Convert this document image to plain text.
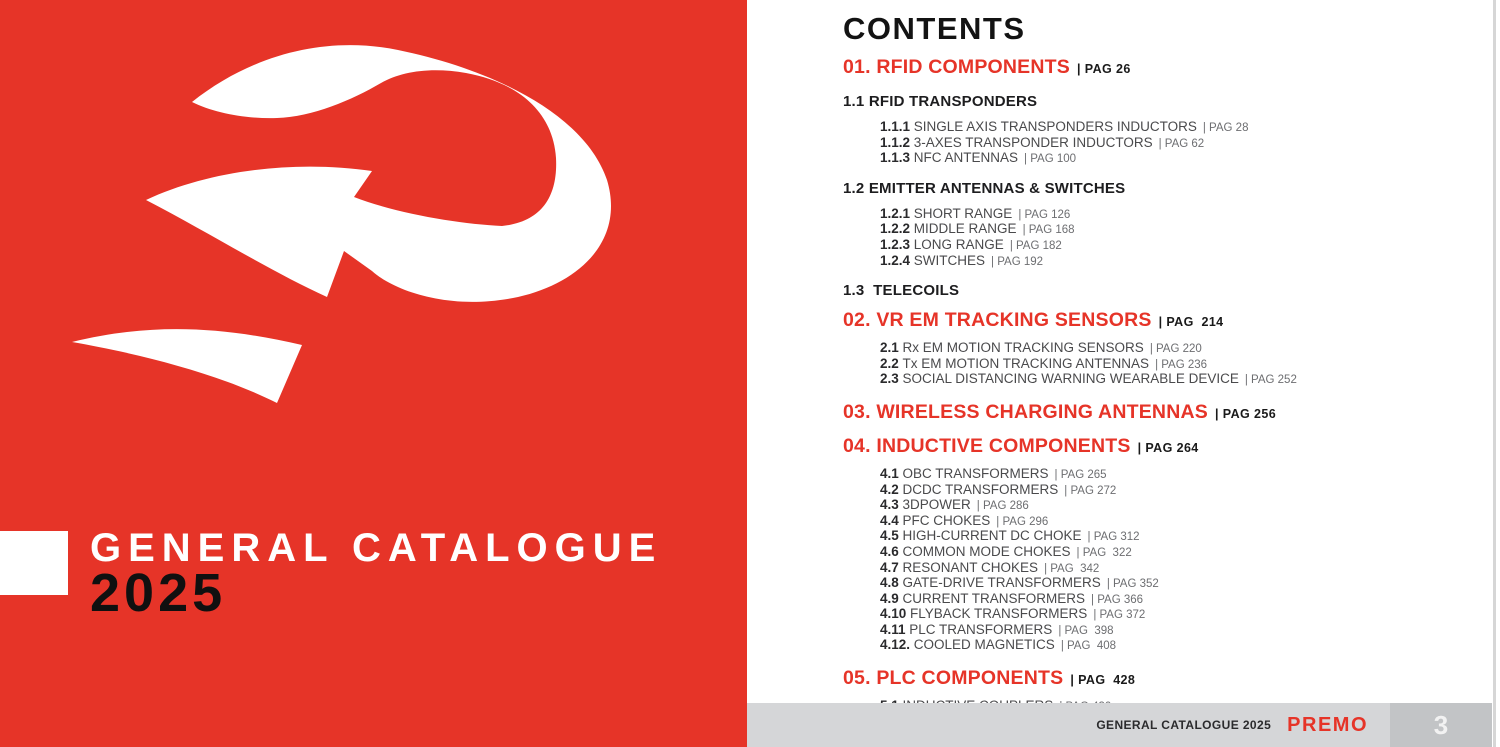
GENERAL CATALOGUE
2025
CONTENTS
01. RFID COMPONENTS | PAG 26
1.1 RFID TRANSPONDERS
1.1.1 SINGLE AXIS TRANSPONDERS INDUCTORS | PAG 28
1.1.2 3-AXES TRANSPONDER INDUCTORS | PAG 62
1.1.3 NFC ANTENNAS | PAG 100
1.2 EMITTER ANTENNAS & SWITCHES
1.2.1 SHORT RANGE | PAG 126
1.2.2 MIDDLE RANGE | PAG 168
1.2.3 LONG RANGE | PAG 182
1.2.4 SWITCHES | PAG 192
1.3  TELECOILS
02. VR EM TRACKING SENSORS | PAG  214
2.1 Rx EM MOTION TRACKING SENSORS | PAG 220
2.2 Tx EM MOTION TRACKING ANTENNAS | PAG 236
2.3 SOCIAL DISTANCING WARNING WEARABLE DEVICE | PAG 252
03. WIRELESS CHARGING ANTENNAS | PAG 256
04. INDUCTIVE COMPONENTS | PAG 264
4.1 OBC TRANSFORMERS | PAG 265
4.2 DCDC TRANSFORMERS | PAG 272
4.3 3DPOWER | PAG 286
4.4 PFC CHOKES | PAG 296
4.5 HIGH-CURRENT DC CHOKE | PAG 312
4.6 COMMON MODE CHOKES | PAG  322
4.7 RESONANT CHOKES | PAG  342
4.8 GATE-DRIVE TRANSFORMERS | PAG 352
4.9 CURRENT TRANSFORMERS | PAG 366
4.10 FLYBACK TRANSFORMERS | PAG 372
4.11 PLC TRANSFORMERS | PAG  398
4.12. COOLED MAGNETICS | PAG  408
05. PLC COMPONENTS | PAG  428
GENERAL CATALOGUE 2025 PREMO	3
